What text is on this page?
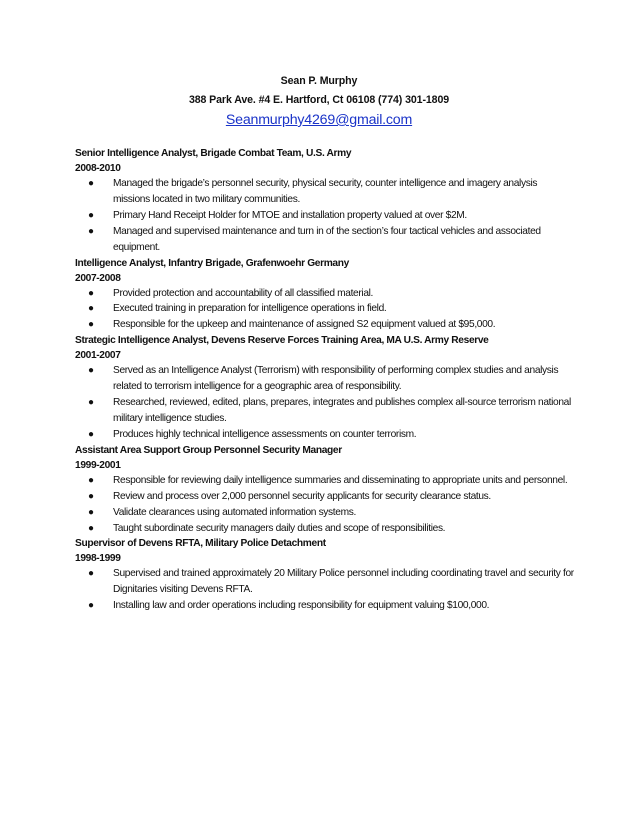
Sean P. Murphy
388 Park Ave. #4 E. Hartford, Ct 06108 (774) 301-1809
Seanmurphy4269@gmail.com
Senior Intelligence Analyst, Brigade Combat Team, U.S. Army
2008-2010
● Managed the brigade’s personnel security, physical security, counter intelligence and imagery analysis missions located in two military communities.
● Primary Hand Receipt Holder for MTOE and installation property valued at over $2M.
● Managed and supervised maintenance and turn in of the section’s four tactical vehicles and associated equipment.
Intelligence Analyst, Infantry Brigade, Grafenwoehr Germany
2007-2008
● Provided protection and accountability of all classified material.
● Executed training in preparation for intelligence operations in field.
● Responsible for the upkeep and maintenance of assigned S2 equipment valued at $95,000.
Strategic Intelligence Analyst, Devens Reserve Forces Training Area, MA U.S. Army Reserve
2001-2007
● Served as an Intelligence Analyst (Terrorism) with responsibility of performing complex studies and analysis related to terrorism intelligence for a geographic area of responsibility.
● Researched, reviewed, edited, plans, prepares, integrates and publishes complex all-source terrorism national military intelligence studies.
● Produces highly technical intelligence assessments on counter terrorism.
Assistant Area Support Group Personnel Security Manager
1999-2001
● Responsible for reviewing daily intelligence summaries and disseminating to appropriate units and personnel.
● Review and process over 2,000 personnel security applicants for security clearance status.
● Validate clearances using automated information systems.
● Taught subordinate security managers daily duties and scope of responsibilities.
Supervisor of Devens RFTA, Military Police Detachment
1998-1999
● Supervised and trained approximately 20 Military Police personnel including coordinating travel and security for Dignitaries visiting Devens RFTA.
● Installing law and order operations including responsibility for equipment valuing $100,000.
